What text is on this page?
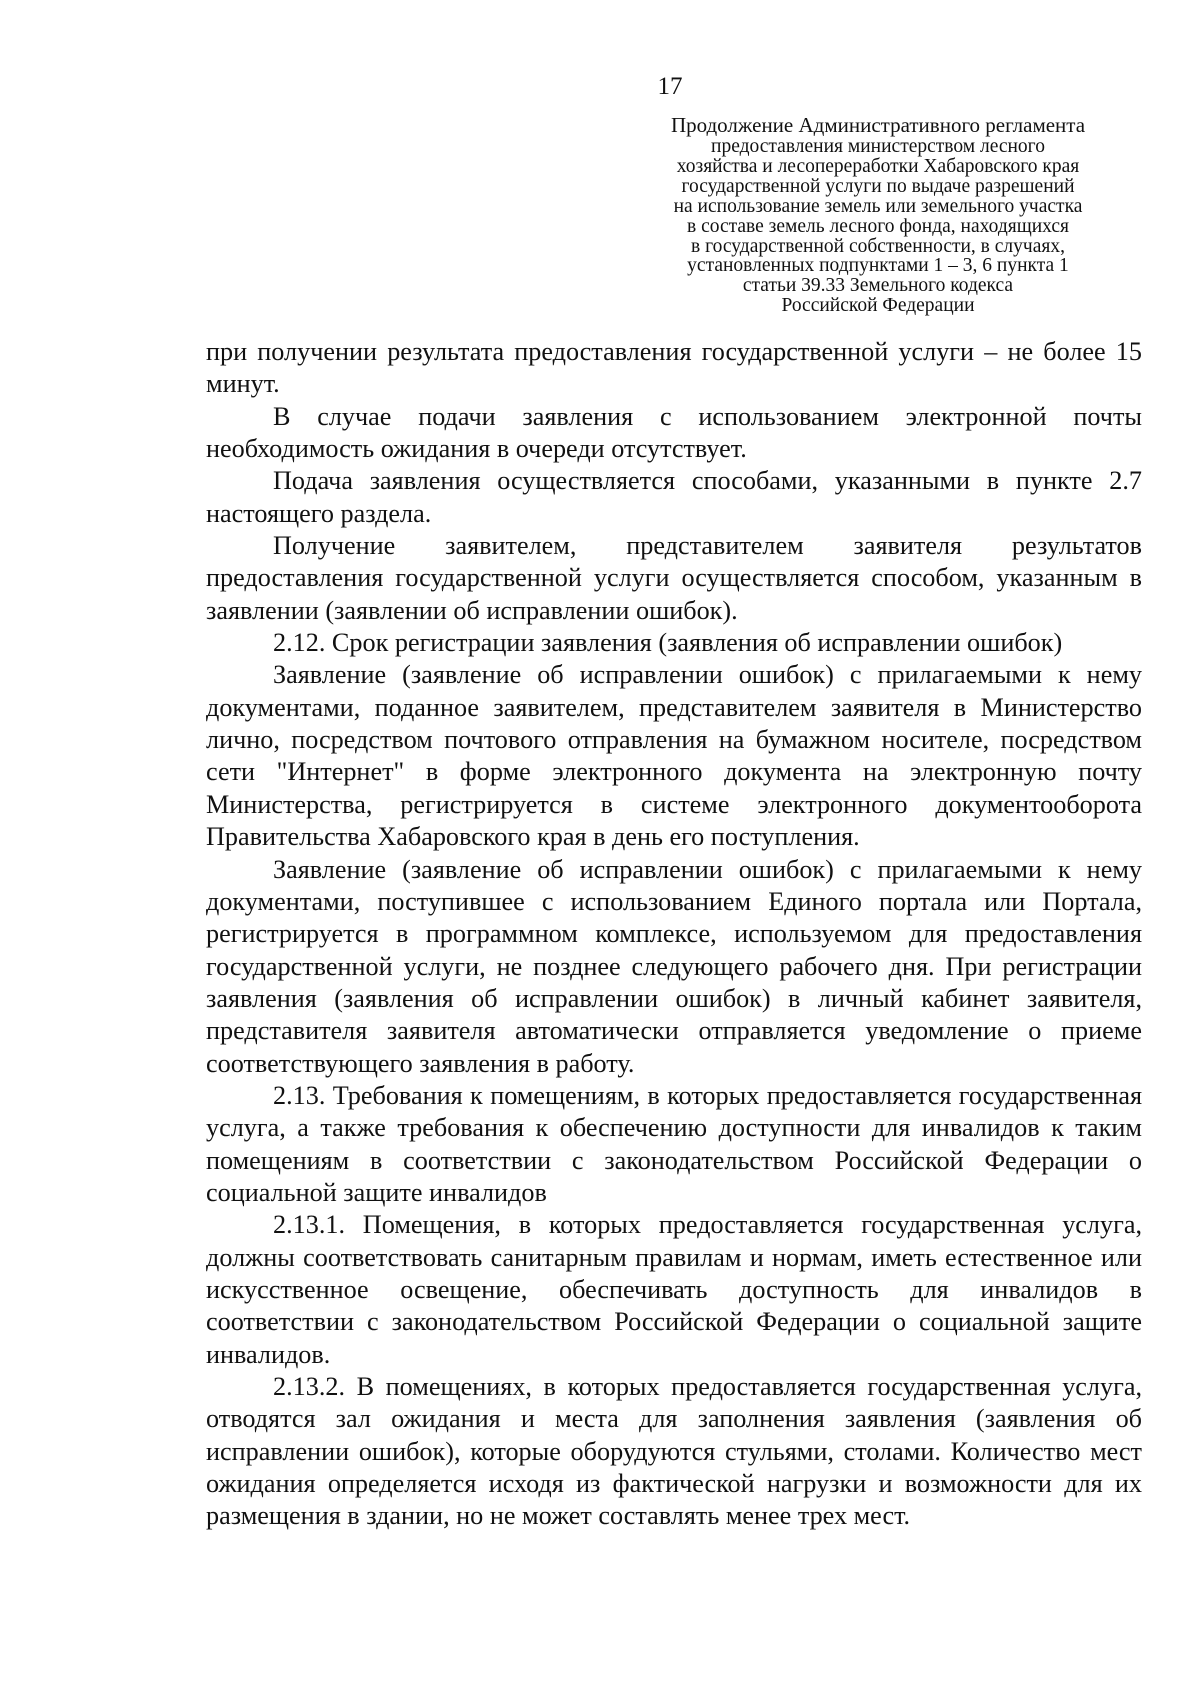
17
Продолжение Административного регламента
предоставления министерством лесного
хозяйства и лесопереработки Хабаровского края
государственной услуги по выдаче разрешений
на использование земель или земельного участка
в составе земель лесного фонда, находящихся
в государственной собственности, в случаях,
установленных подпунктами 1 – 3, 6 пункта 1
статьи 39.33 Земельного кодекса
Российской Федерации

при получении результата предоставления государственной услуги – не более 15 минут.

В случае подачи заявления с использованием электронной почты необходимость ожидания в очереди отсутствует.

Подача заявления осуществляется способами, указанными в пункте 2.7 настоящего раздела.

Получение заявителем, представителем заявителя результатов предоставления государственной услуги осуществляется способом, указанным в заявлении (заявлении об исправлении ошибок).

2.12. Срок регистрации заявления (заявления об исправлении ошибок)

Заявление (заявление об исправлении ошибок) с прилагаемыми к нему документами, поданное заявителем, представителем заявителя в Министерство лично, посредством почтового отправления на бумажном носителе, посредством сети "Интернет" в форме электронного документа на электронную почту Министерства, регистрируется в системе электронного документооборота Правительства Хабаровского края в день его поступления.

Заявление (заявление об исправлении ошибок) с прилагаемыми к нему документами, поступившее с использованием Единого портала или Портала, регистрируется в программном комплексе, используемом для предоставления государственной услуги, не позднее следующего рабочего дня. При регистрации заявления (заявления об исправлении ошибок) в личный кабинет заявителя, представителя заявителя автоматически отправляется уведомление о приеме соответствующего заявления в работу.

2.13. Требования к помещениям, в которых предоставляется государственная услуга, а также требования к обеспечению доступности для инвалидов к таким помещениям в соответствии с законодательством Российской Федерации о социальной защите инвалидов

2.13.1. Помещения, в которых предоставляется государственная услуга, должны соответствовать санитарным правилам и нормам, иметь естественное или искусственное освещение, обеспечивать доступность для инвалидов в соответствии с законодательством Российской Федерации о социальной защите инвалидов.

2.13.2. В помещениях, в которых предоставляется государственная услуга, отводятся зал ожидания и места для заполнения заявления (заявления об исправлении ошибок), которые оборудуются стульями, столами. Количество мест ожидания определяется исходя из фактической нагрузки и возможности для их размещения в здании, но не может составлять менее трех мест.
